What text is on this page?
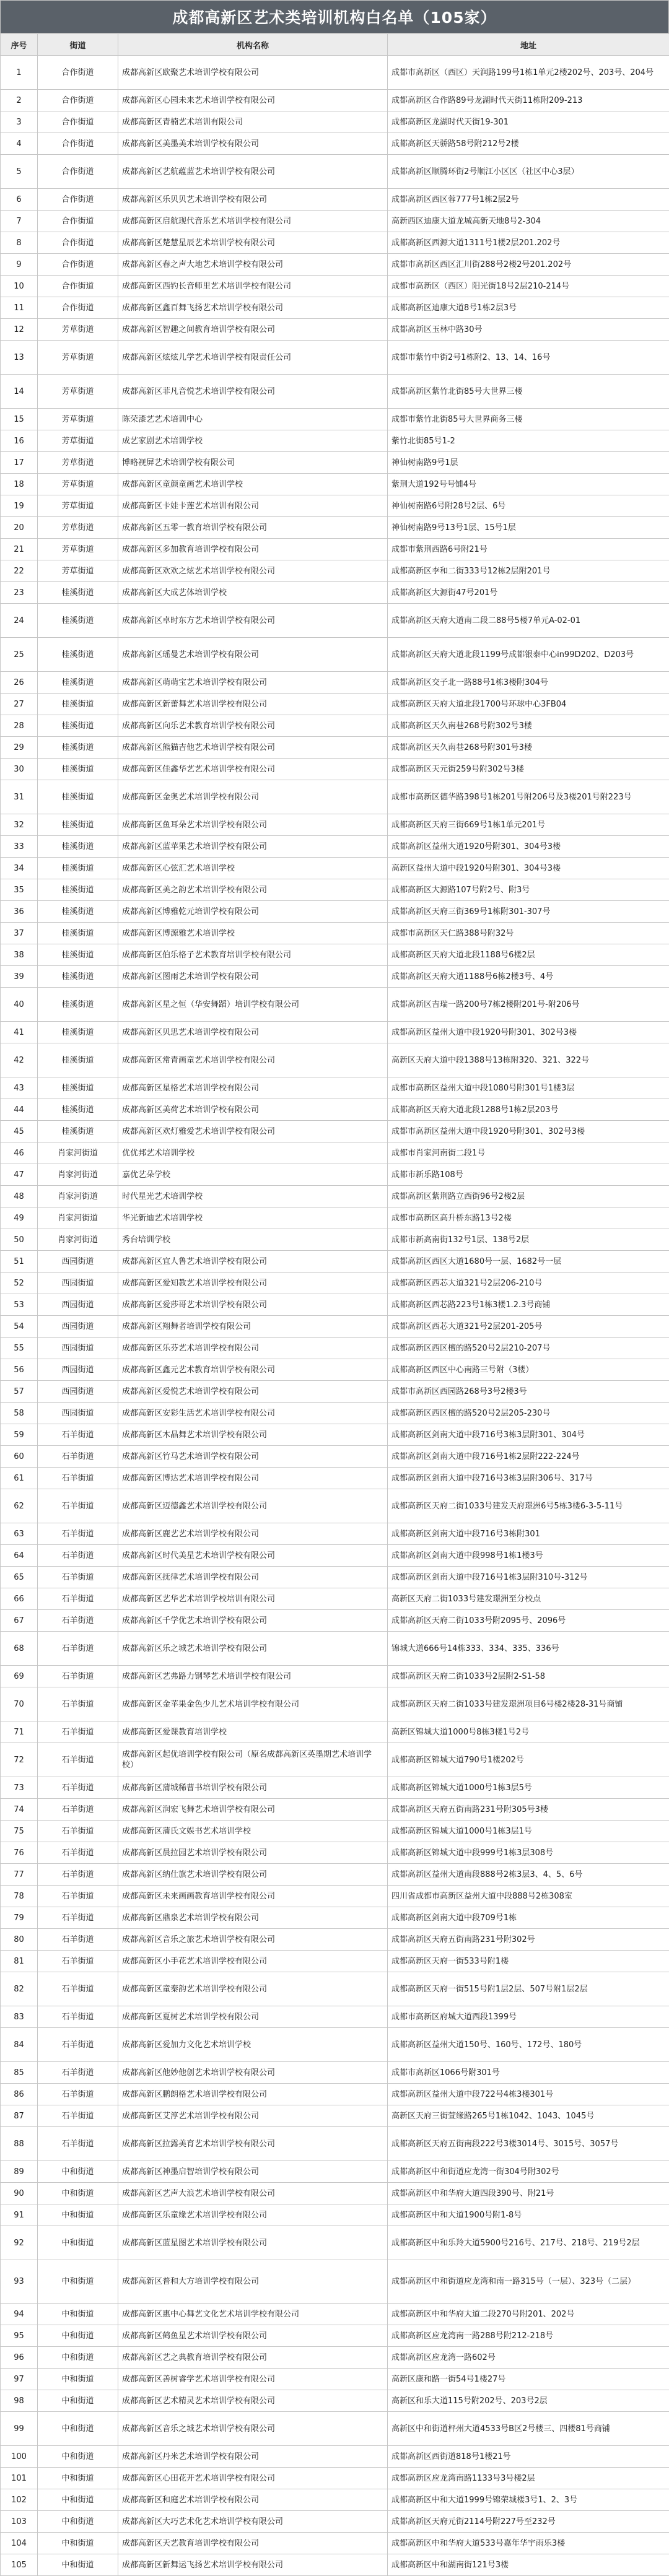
成都高新区艺术类培训机构白名单（105家）
序号	街道	机构名称	地址
1	合作街道	成都高新区欧聚艺术培训学校有限公司	成都市高新区（西区）天润路199号1栋1单元2楼202号、203号、204号
2	合作街道	成都高新区心园未来艺术培训学校有限公司	成都高新区合作路89号龙湖时代天街11栋附209-213
3	合作街道	成都高新区青楠艺术培训有限公司	成都高新区龙湖时代天街19-301
4	合作街道	成都高新区美墨美术培训学校有限公司	成都高新区天骄路58号附212号2楼
5	合作街道	成都高新区艺航蕴蓝艺术培训学校有限公司	成都高新区顺腾环街2号顺江小区区（社区中心3层）
6	合作街道	成都高新区乐贝贝艺术培训学校有限公司	成都高新区西区蓉777号1栋2层2号
7	合作街道	成都高新区启航现代音乐艺术培训学校有限公司	高新西区迪康大道龙城高新天地8号2-304
8	合作街道	成都高新区楚慧星辰艺术培训学校有限公司	成都高新区西源大道1311号1楼2层201.202号
9	合作街道	成都高新区春之声大地艺术培训学校有限公司	成都市高新区西区汇川街288号2楼2号201.202号
10	合作街道	成都高新区西钓长音师里艺术培训学校有限公司	成都市高新区（西区）阳光街18号2层210-214号
11	合作街道	成都高新区鑫百舞飞扬艺术培训学校有限公司	成都高新区迪康大道8号1栋2层3号
12	芳草街道	成都高新区智趣之间教育培训学校有限公司	成都高新区玉林中路30号
13	芳草街道	成都高新区炫炫儿学艺术培训学校有限责任公司	成都市紫竹中街2号1栋附2、13、14、16号
14	芳草街道	成都高新区菲凡音悦艺术培训学校有限公司	成都高新区紫竹北街85号大世界三楼
15	芳草街道	陈荣漆艺艺术培训中心	成都市紫竹北街85号大世界商务三楼
16	芳草街道	成艺家剧艺术培训学校	紫竹北街85号1-2
17	芳草街道	博略视屏艺术培训学校有限公司	神仙树南路9号1层
18	芳草街道	成都高新区童颜童画艺术培训学校	紫荆大道192号号铺4号
19	芳草街道	成都高新区卡娃卡莲艺术培训有限公司	神仙树南路6号附28号2层、6号
20	芳草街道	成都高新区五零一教育培训学校有限公司	神仙树南路9号13号1层、15号1层
21	芳草街道	成都高新区多加教育培训学校有限公司	成都市紫荆西路6号附21号
22	芳草街道	成都高新区欢欢之炫艺术培训学校有限公司	成都高新区李和二街333号12栋2层附201号
23	桂溪街道	成都高新区大成艺体培训学校	成都高新区大源街47号201号
24	桂溪街道	成都高新区卓时东方艺术培训学校有限公司	成都高新区天府大道南二段二88号5楼7单元A-02-01
25	桂溪街道	成都高新区瑶曼艺术培训学校有限公司	成都高新区天府大道北段1199号成都银泰中心in99D202、D203号
26	桂溪街道	成都高新区萌萌宝艺术培训学校有限公司	成都高新区交子北一路88号1栋3楼附304号
27	桂溪街道	成都高新区新蕾舞艺术培训学校有限公司	成都高新区天府大道北段1700号环球中心3FB04
28	桂溪街道	成都高新区向乐艺术教育培训学校有限公司	成都高新区天久南巷268号附302号3楼
29	桂溪街道	成都高新区熊猫吉他艺术培训学校有限公司	成都高新区天久南巷268号附301号3楼
30	桂溪街道	成都高新区佳鑫华艺艺术培训学校有限公司	成都高新区天元街259号附302号3楼
31	桂溪街道	成都高新区金奥艺术培训学校有限公司	成都市高新区德华路398号1栋201号附206号及3楼201号附223号
32	桂溪街道	成都高新区鱼耳朵艺术培训学校有限公司	成都高新区天府三街669号1栋1单元201号
33	桂溪街道	成都高新区蓝苹果艺术培训学校有限公司	成都高新区益州大道1920号附301、304号3楼
34	桂溪街道	成都高新区心弦汇艺术培训学校	高新区益州大道中段1920号附301、304号3楼
35	桂溪街道	成都高新区美之韵艺术培训学校有限公司	成都高新区大源路107号附2号、附3号
36	桂溪街道	成都高新区博雅乾元培训学校有限公司	成都高新区天府三街369号1栋附301-307号
37	桂溪街道	成都高新区博源雅艺术培训学校	成都市高新区天仁路388号附32号
38	桂溪街道	成都高新区伯乐格子艺术教育培训学校有限公司	成都高新区天府大道北段1188号6楼2层
39	桂溪街道	成都高新区图雨艺术培训学校有限公司	成都高新区天府大道1188号6栋2楼3号、4号
40	桂溪街道	成都高新区星之恒（华安舞蹈）培训学校有限公司	成都高新区吉瑞一路200号7栋2楼附201号-附206号
41	桂溪街道	成都高新区贝思艺术培训学校有限公司	成都高新区益州大道中段1920号附301、302号3楼
42	桂溪街道	成都高新区常青画童艺术培训学校有限公司	高新区天府大道中段1388号13栋附320、321、322号
43	桂溪街道	成都高新区星格艺术培训学校有限公司	成都市高新区益州大道中段1080号附301号1楼3层
44	桂溪街道	成都高新区美荷艺术培训学校有限公司	成都高新区天府大道北段1288号1栋2层203号
45	桂溪街道	成都高新区欢灯雅爱艺术培训学校有限公司	成都市高新区益州大道中段1920号附301、302号3楼
46	肖家河街道	优优邦艺术培训学校	成都市肖家河南街二段1号
47	肖家河街道	嘉优艺朵学校	成都市新乐路108号
48	肖家河街道	时代星光艺术培训学校	成都高新区紫荆路立西街96号2楼2层
49	肖家河街道	华光新迪艺术培训学校	成都市高新区高升桥东路13号2楼
50	肖家河街道	秀台培训学校	成都市新高南街132号1层、138号2层
51	西园街道	成都高新区宜人鲁艺术培训学校有限公司	成都高新区西区大道1680号一层、1682号一层
52	西园街道	成都高新区爱知教艺术培训学校有限公司	成都高新区西芯大道321号2层206-210号
53	西园街道	成都高新区爱莎哥艺术培训学校有限公司	成都高新区西芯路223号1栋3楼1.2.3号商铺
54	西园街道	成都高新区翔舞者培训学校有限公司	成都高新区西芯大道321号2层201-205号
55	西园街道	成都高新区乐芬艺术培训学校有限公司	成都高新区西区檀的路520号2层210-207号
56	西园街道	成都高新区鑫元艺术教育培训学校有限公司	成都高新区西区中心南路三号附（3楼）
57	西园街道	成都高新区爱悦艺术培训学校有限公司	成都市高新区西园路268号3号2楼3号
58	西园街道	成都高新区安彩生活艺术培训学校有限公司	成都高新区西区檀的路520号2层205-230号
59	石羊街道	成都高新区木晶舞艺术培训学校有限公司	成都高新区剑南大道中段716号3栋3层附301、304号
60	石羊街道	成都高新区竹马艺术培训学校有限公司	成都高新区剑南大道中段716号1栋2层附222-224号
61	石羊街道	成都高新区博达艺术培训学校有限公司	成都高新区剑南大道中段716号3栋3层附306号、317号
62	石羊街道	成都高新区迈德鑫艺术培训学校有限公司	成都高新区天府二街1033号建发天府璟洲6号5栋3楼6-3-5-11号
63	石羊街道	成都高新区鹿艺艺术培训学校有限公司	成都高新区剑南大道中段716号3栋附301
64	石羊街道	成都高新区时代美星艺术培训学校有限公司	成都高新区剑南大道中段998号1栋1楼3号
65	石羊街道	成都高新区抚律艺术培训学校有限公司	成都高新区剑南大道中段716号1栋3层附310号-312号
66	石羊街道	成都高新区艺华艺术培训学校培训有限公司	高新区天府二街1033号建发璟洲至分校点
67	石羊街道	成都高新区千学优艺术培训学校有限公司	成都高新区天府二街1033号附2095号、2096号
68	石羊街道	成都高新区乐之城艺术培训学校有限公司	锦城大道666号14栋333、334、335、336号
69	石羊街道	成都高新区艺弗路力钢琴艺术培训学校有限公司	成都高新区天府二街1033号2层附2-S1-58
70	石羊街道	成都高新区金苹果金色少儿艺术培训学校有限公司	成都高新区天府二街1033号建发璟洲项目6号楼2楼28-31号商铺
71	石羊街道	成都高新区爱课教育培训学校	高新区锦城大道1000号8栋3楼1号2号
72	石羊街道	成都高新区起优培训学校有限公司（原名成都高新区英墨期艺术培训学校）	成都高新区锦城大道790号1楼202号
73	石羊街道	成都高新区蒲城稀曹书培训学校有限公司	成都高新区锦城大道1000号1栋3层5号
74	石羊街道	成都高新区润宏飞舞艺术培训学校有限公司	成都高新区天府五街南路231号附305号3楼
75	石羊街道	成都高新区蒲氏文娱书艺术培训学校	成都高新区锦城大道1000号1栋3层1号
76	石羊街道	成都高新区晨拉园艺术培训学校有限公司	成都高新区锦城大道中段999号1栋3层308号
77	石羊街道	成都高新区纳仕旗艺术培训学校有限公司	成都高新区益州大道南段888号2栋3层3、4、5、6号
78	石羊街道	成都高新区未来画画教育培训学校有限公司	四川省成都市高新区益州大道中段888号2栋308室
79	石羊街道	成都高新区鼎泉艺术培训学校有限公司	成都高新区剑南大道中段709号1栋
80	石羊街道	成都高新区音乐之旅艺术培训学校有限公司	成都高新区天府五街南路231号附302号
81	石羊街道	成都高新区小手花艺术培训学校有限公司	成都高新区天府一街533号附1楼
82	石羊街道	成都高新区童秦韵艺术培训学校有限公司	成都高新区天府一街515号附1层2层、507号附1层2层
83	石羊街道	成都高新区夏树艺术培训学校有限公司	成都市高新区府城大道西段1399号
84	石羊街道	成都高新区爱加力文化艺术培训学校	成都高新区益州大道150号、160号、172号、180号
85	石羊街道	成都高新区他妙他创艺术培训学校有限公司	成都市高新区1066号附301号
86	石羊街道	成都高新区鹏朗格艺术培训学校有限公司	成都高新区益州大道中段722号4栋3楼301号
87	石羊街道	成都高新区艾淳艺术培训学校有限公司	高新区天府三街萱缘路265号1栋1042、1043、1045号
88	石羊街道	成都高新区拉露美育艺术培训学校有限公司	成都高新区天府五街南段222号3楼3014号、3015号、3057号
89	中和街道	成都高新区神墨启智培训学校有限公司	成都高新区中和街道应龙湾一街304号附302号
90	中和街道	成都高新区艺声大浪艺术培训学校有限公司	成都高新区中和华府大道四段390号、附21号
91	中和街道	成都高新区乐童缘艺术培训学校有限公司	成都高新区中和大道1900号附1-8号
92	中和街道	成都高新区蓝星图艺术培训学校有限公司	成都高新区中和乐羚大道5900号216号、217号、218号、219号2层
93	中和街道	成都高新区普和大方培训学校有限公司	成都高新区中和街道应龙湾和南一路315号（一层）、323号（二层）
94	中和街道	成都高新区惠中心舞艺文化艺术培训学校有限公司	成都高新区中和华府大道二段270号附201、202号
95	中和街道	成都高新区鹤鱼星艺术培训学校有限公司	成都高新区应龙湾南一路288号附212-218号
96	中和街道	成都高新区艺之典教育培训学校有限公司	成都高新区应龙湾一路602号
97	中和街道	成都高新区善树睿学艺术培训学校有限公司	高新区康和路一街54号1楼27号
98	中和街道	成都高新区艺术精灵艺术培训学校有限公司	高新区和乐大道115号附202号、203号2层
99	中和街道	成都高新区音乐之城艺术培训学校有限公司	高新区中和街道枰州大道4533号B区2号楼三、四楼81号商铺
100	中和街道	成都高新区丹米艺术培训学校有限公司	成都高新区西街道818号1楼21号
101	中和街道	成都高新区心田花开艺术培训学校有限公司	成都高新区应龙湾南路1133号3号楼2层
102	中和街道	成都高新区和庭艺术培训学校有限公司	成都高新区中和大道1999号锦荣城楼3号1、2、3号
103	中和街道	成都高新区大巧艺术化艺术培训学校有限公司	成都高新区天府元街2114号附227号至232号
104	中和街道	成都高新区天艺教育培训学校有限公司	成都高新区中和华府大道533号嘉年华宇雨乐3楼
105	中和街道	成都高新区新舞运飞扬艺术培训学校有限公司	成都高新区中和湖南街121号3楼
